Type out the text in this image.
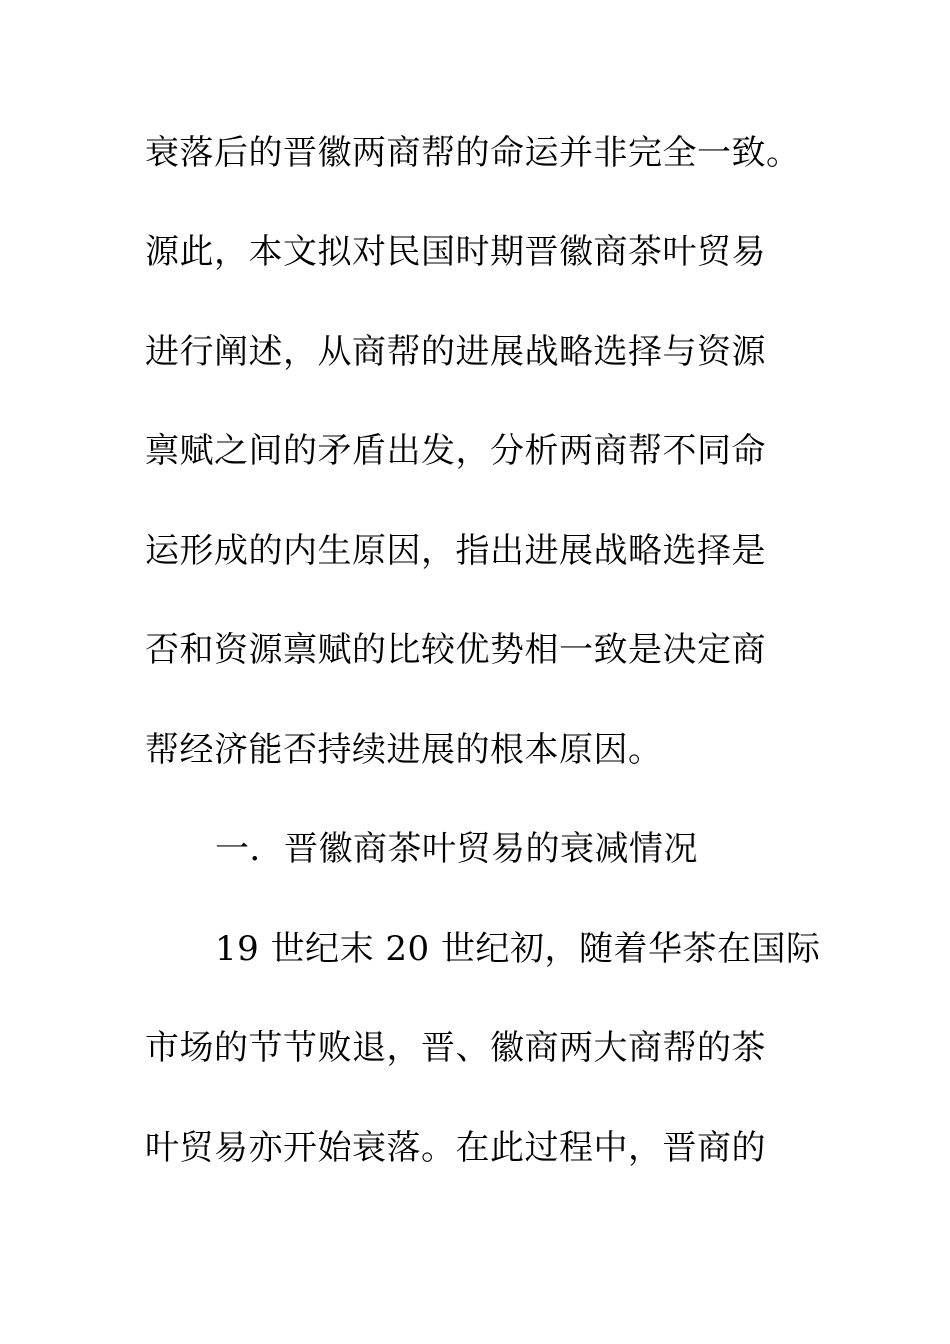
衰落后的晋徽两商帮的命运并非完全一致。
源此，本文拟对民国时期晋徽商茶叶贸易
进行阐述，从商帮的进展战略选择与资源
禀赋之间的矛盾出发，分析两商帮不同命
运形成的内生原因，指出进展战略选择是
否和资源禀赋的比较优势相一致是决定商
帮经济能否持续进展的根本原因。
一．晋徽商茶叶贸易的衰减情况
19 世纪末 20 世纪初，随着华茶在国际
市场的节节败退，晋、徽商两大商帮的茶
叶贸易亦开始衰落。在此过程中，晋商的
